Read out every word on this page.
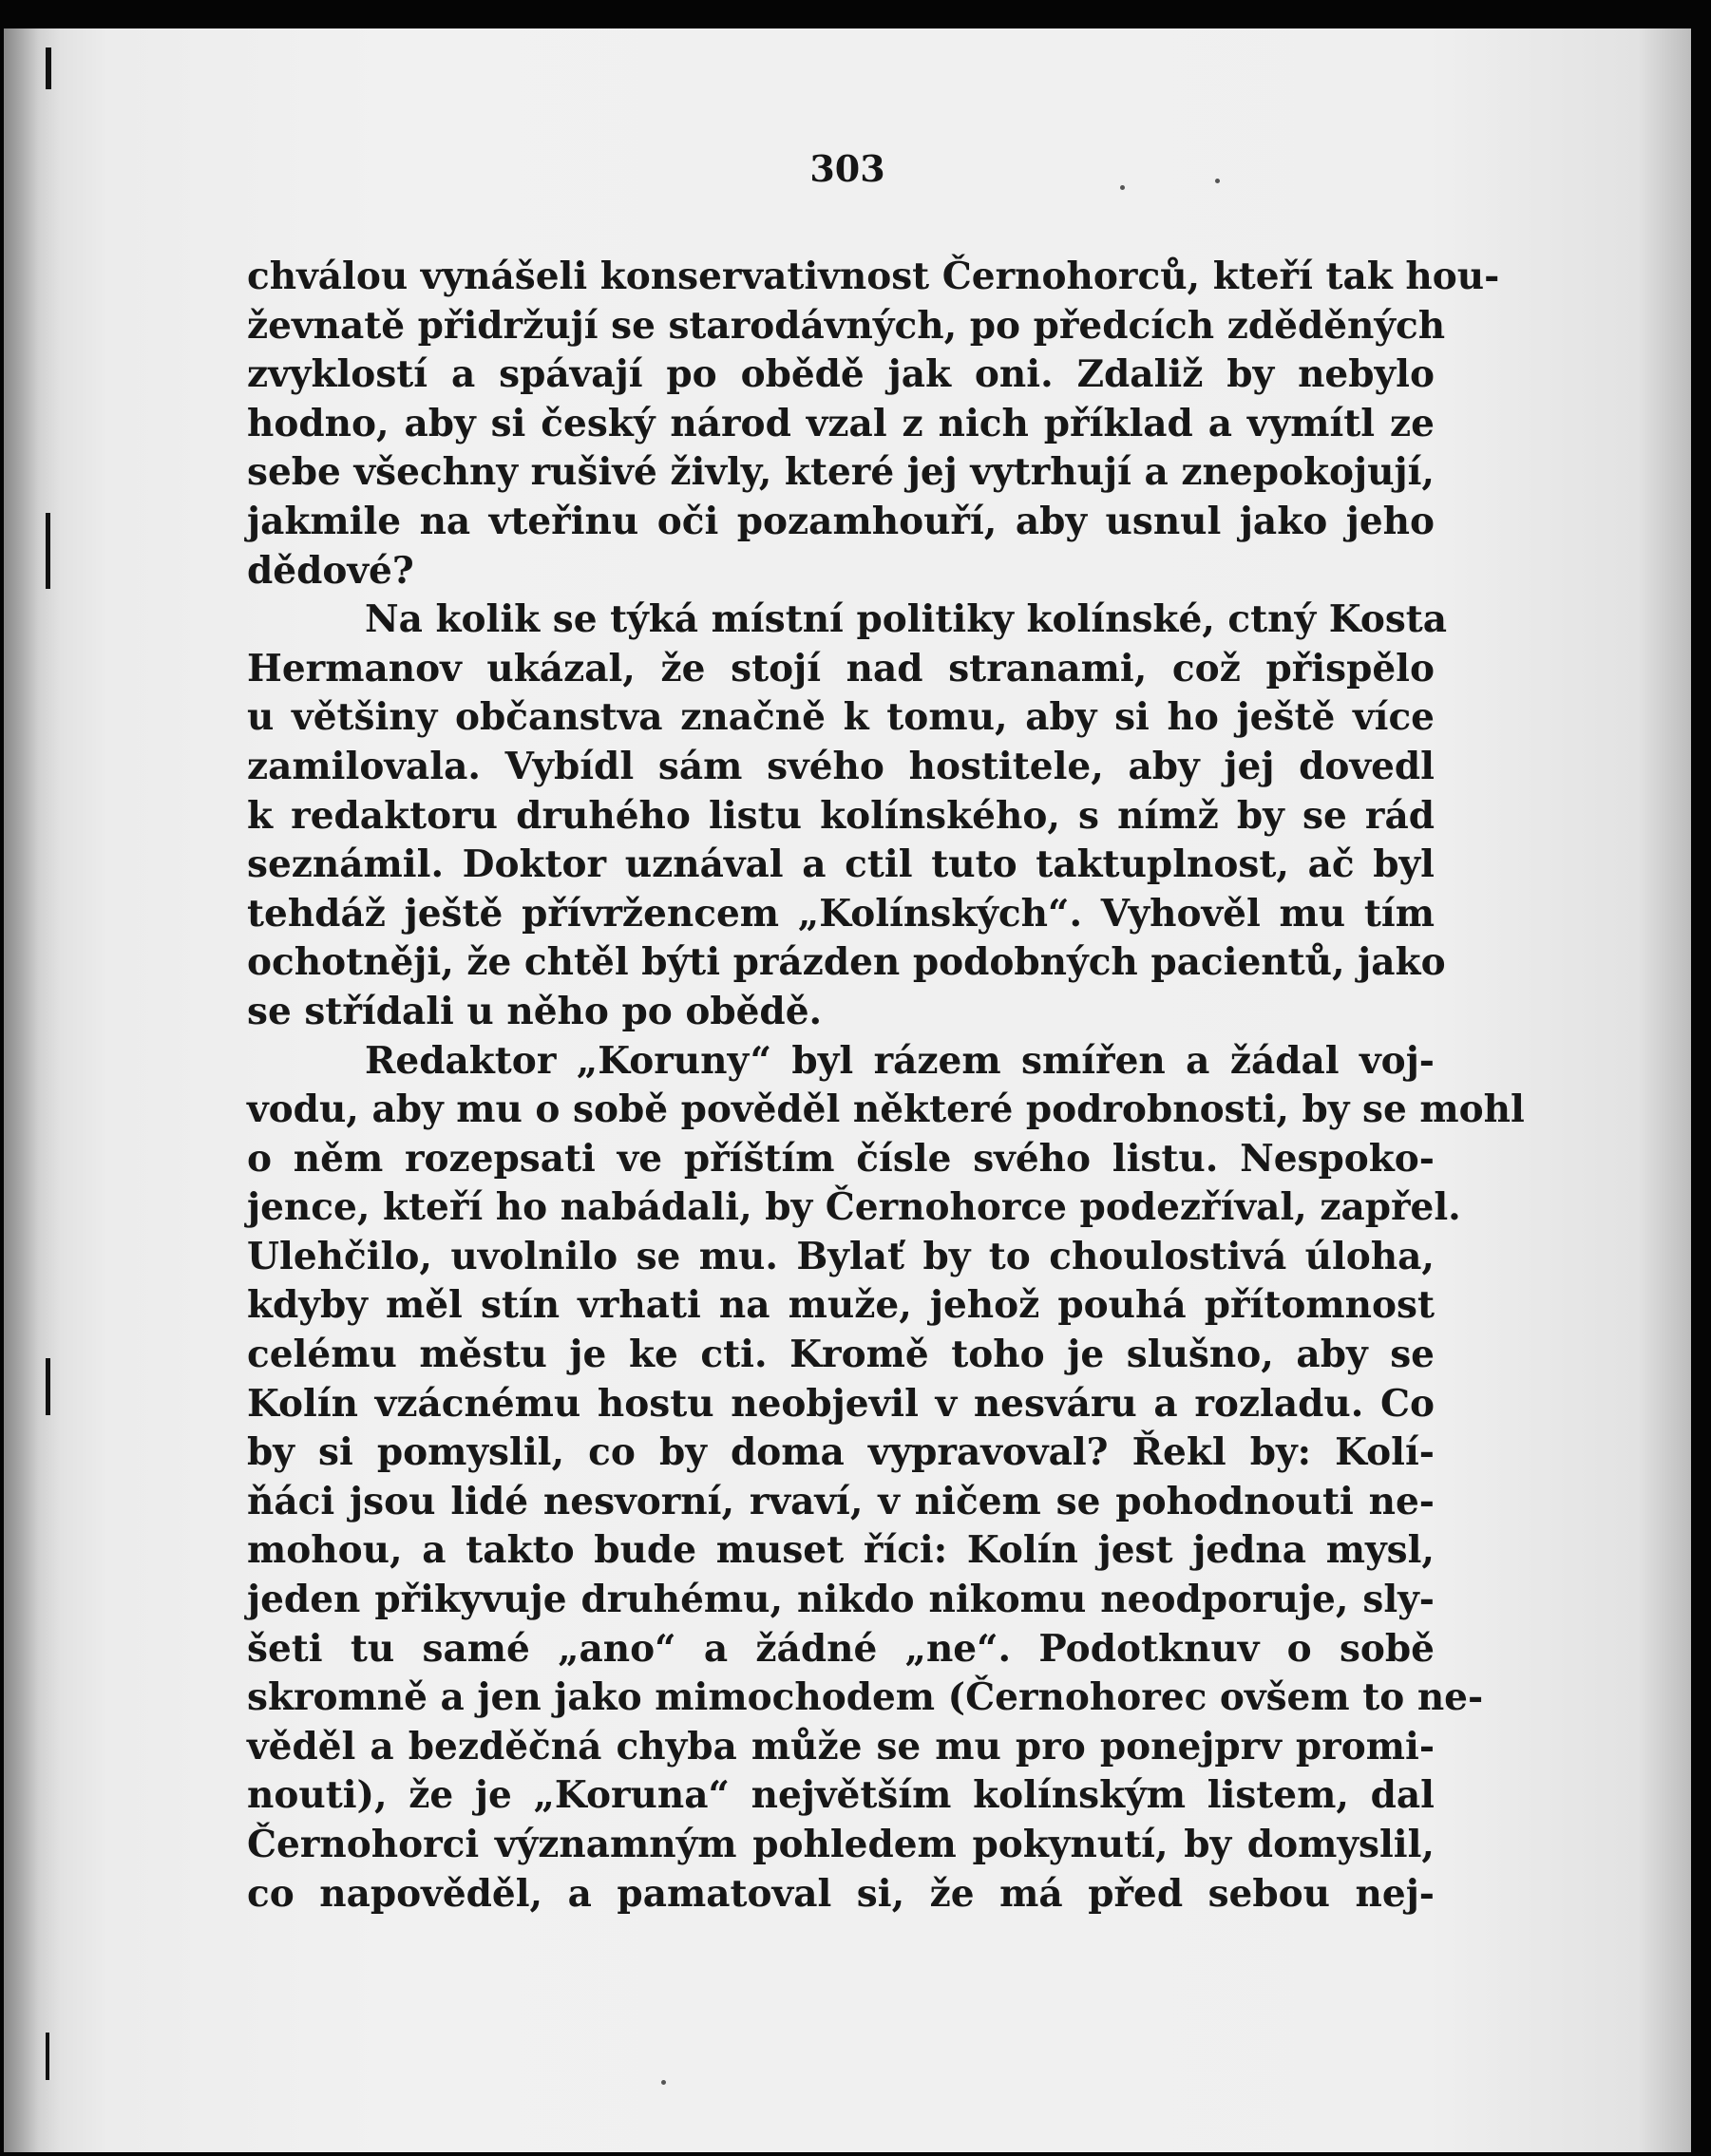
303
chválou vynášeli konservativnost Černohorců, kteří tak hou-
ževnatě přidržují se starodávných, po předcích zděděných
zvyklostí a spávají po obědě jak oni. Zdaliž by nebylo
hodno, aby si český národ vzal z nich příklad a vymítl ze
sebe všechny rušivé živly, které jej vytrhují a znepokojují,
jakmile na vteřinu oči pozamhouří, aby usnul jako jeho
dědové?
Na kolik se týká místní politiky kolínské, ctný Kosta
Hermanov ukázal, že stojí nad stranami, což přispělo
u většiny občanstva značně k tomu, aby si ho ještě více
zamilovala. Vybídl sám svého hostitele, aby jej dovedl
k redaktoru druhého listu kolínského, s nímž by se rád
seznámil. Doktor uznával a ctil tuto taktuplnost, ač byl
tehdáž ještě přívržencem „Kolínských“. Vyhověl mu tím
ochotněji, že chtěl býti prázden podobných pacientů, jako
se střídali u něho po obědě.
Redaktor „Koruny“ byl rázem smířen a žádal voj-
vodu, aby mu o sobě pověděl některé podrobnosti, by se mohl
o něm rozepsati ve příštím čísle svého listu. Nespoko-
jence, kteří ho nabádali, by Černohorce podezříval, zapřel.
Ulehčilo, uvolnilo se mu. Bylať by to choulostivá úloha,
kdyby měl stín vrhati na muže, jehož pouhá přítomnost
celému městu je ke cti. Kromě toho je slušno, aby se
Kolín vzácnému hostu neobjevil v nesváru a rozladu. Co
by si pomyslil, co by doma vypravoval? Řekl by: Kolí-
ňáci jsou lidé nesvorní, rvaví, v ničem se pohodnouti ne-
mohou, a takto bude muset říci: Kolín jest jedna mysl,
jeden přikyvuje druhému, nikdo nikomu neodporuje, sly-
šeti tu samé „ano“ a žádné „ne“. Podotknuv o sobě
skromně a jen jako mimochodem (Černohorec ovšem to ne-
věděl a bezděčná chyba může se mu pro ponejprv promi-
nouti), že je „Koruna“ největším kolínským listem, dal
Černohorci významným pohledem pokynutí, by domyslil,
co napověděl, a pamatoval si, že má před sebou nej-
